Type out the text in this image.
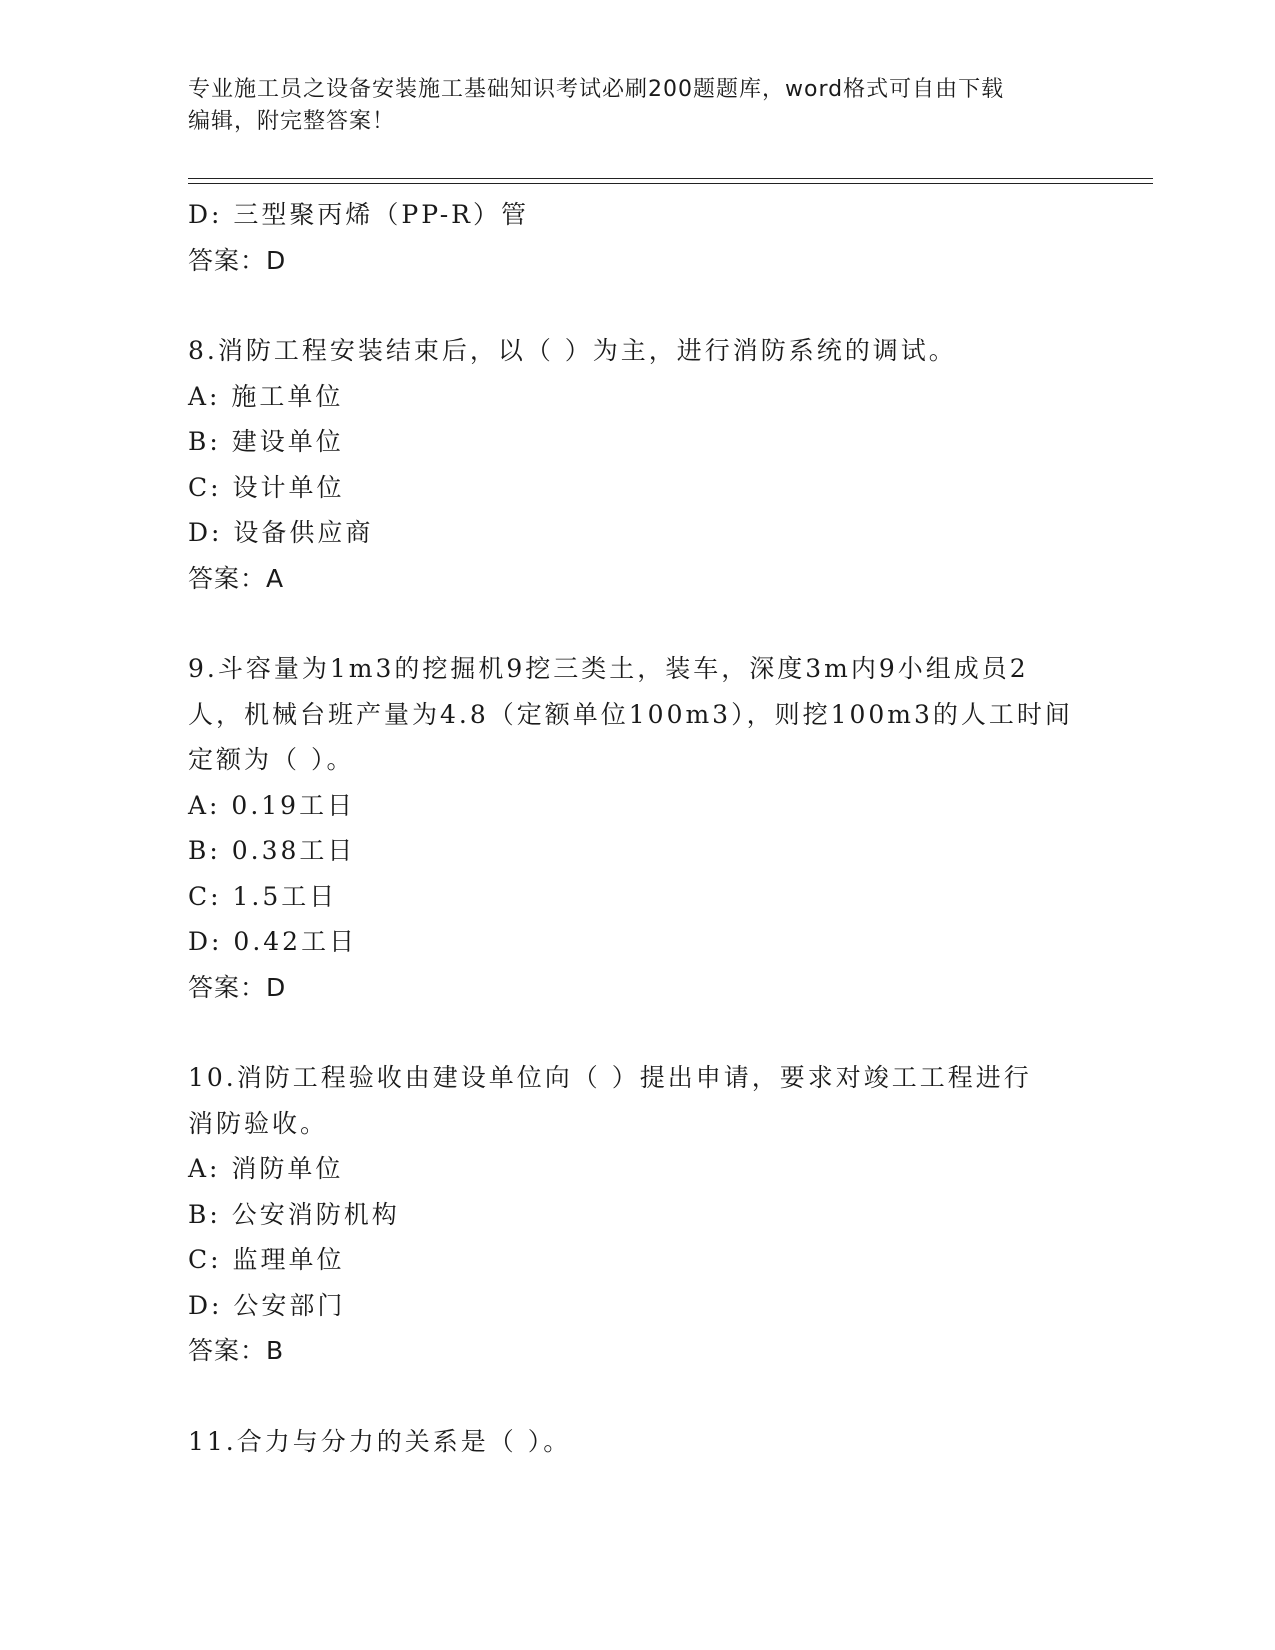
专业施工员之设备安装施工基础知识考试必刷200题题库，word格式可自由下载
编辑，附完整答案！
D: 三型聚丙烯（PP-R）管
答案：D
8.消防工程安装结束后，以（ ）为主，进行消防系统的调试。
A: 施工单位
B: 建设单位
C: 设计单位
D: 设备供应商
答案：A
9.斗容量为1m3的挖掘机9挖三类土，装车，深度3m内9小组成员2
人，机械台班产量为4.8（定额单位100m3），则挖100m3的人工时间
定额为（ ）。
A: 0.19工日
B: 0.38工日
C: 1.5工日
D: 0.42工日
答案：D
10.消防工程验收由建设单位向（ ）提出申请，要求对竣工工程进行
消防验收。
A: 消防单位
B: 公安消防机构
C: 监理单位
D: 公安部门
答案：B
11.合力与分力的关系是（ ）。
